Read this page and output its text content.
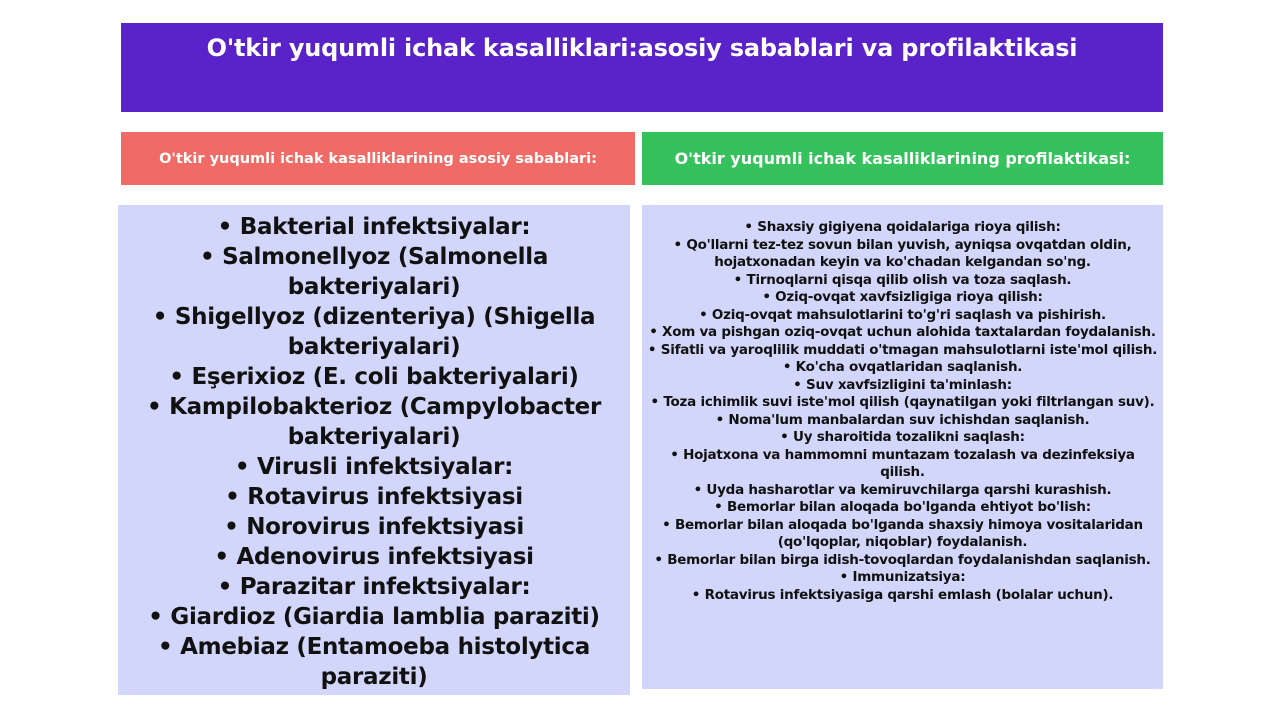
O'tkir yuqumli ichak kasalliklari:asosiy sabablari va profilaktikasi
O'tkir yuqumli ichak kasalliklarining asosiy sabablari:	O'tkir yuqumli ichak kasalliklarining profilaktikasi:
• Bakterial infektsiyalar:
• Salmonellyoz (Salmonella bakteriyalari)
• Shigellyoz (dizenteriya) (Shigella bakteriyalari)
• Eşerixioz (E. coli bakteriyalari)
• Kampilobakterioz (Campylobacter bakteriyalari)
• Virusli infektsiyalar:
• Rotavirus infektsiyasi
• Norovirus infektsiyasi
• Adenovirus infektsiyasi
• Parazitar infektsiyalar:
• Giardioz (Giardia lamblia paraziti)
• Amebiaz (Entamoeba histolytica paraziti)
• Shaxsiy gigiyena qoidalariga rioya qilish:
• Qo'llarni tez-tez sovun bilan yuvish, ayniqsa ovqatdan oldin, hojatxonadan keyin va ko'chadan kelgandan so'ng.
• Tirnoqlarni qisqa qilib olish va toza saqlash.
• Oziq-ovqat xavfsizligiga rioya qilish:
• Oziq-ovqat mahsulotlarini to'g'ri saqlash va pishirish.
• Xom va pishgan oziq-ovqat uchun alohida taxtalardan foydalanish.
• Sifatli va yaroqlilik muddati o'tmagan mahsulotlarni iste'mol qilish.
• Ko'cha ovqatlaridan saqlanish.
• Suv xavfsizligini ta'minlash:
• Toza ichimlik suvi iste'mol qilish (qaynatilgan yoki filtrlangan suv).
• Noma'lum manbalardan suv ichishdan saqlanish.
• Uy sharoitida tozalikni saqlash:
• Hojatxona va hammomni muntazam tozalash va dezinfeksiya qilish.
• Uyda hasharotlar va kemiruvchilarga qarshi kurashish.
• Bemorlar bilan aloqada bo'lganda ehtiyot bo'lish:
• Bemorlar bilan aloqada bo'lganda shaxsiy himoya vositalaridan (qo'lqoplar, niqoblar) foydalanish.
• Bemorlar bilan birga idish-tovoqlardan foydalanishdan saqlanish.
• Immunizatsiya:
• Rotavirus infektsiyasiga qarshi emlash (bolalar uchun).
